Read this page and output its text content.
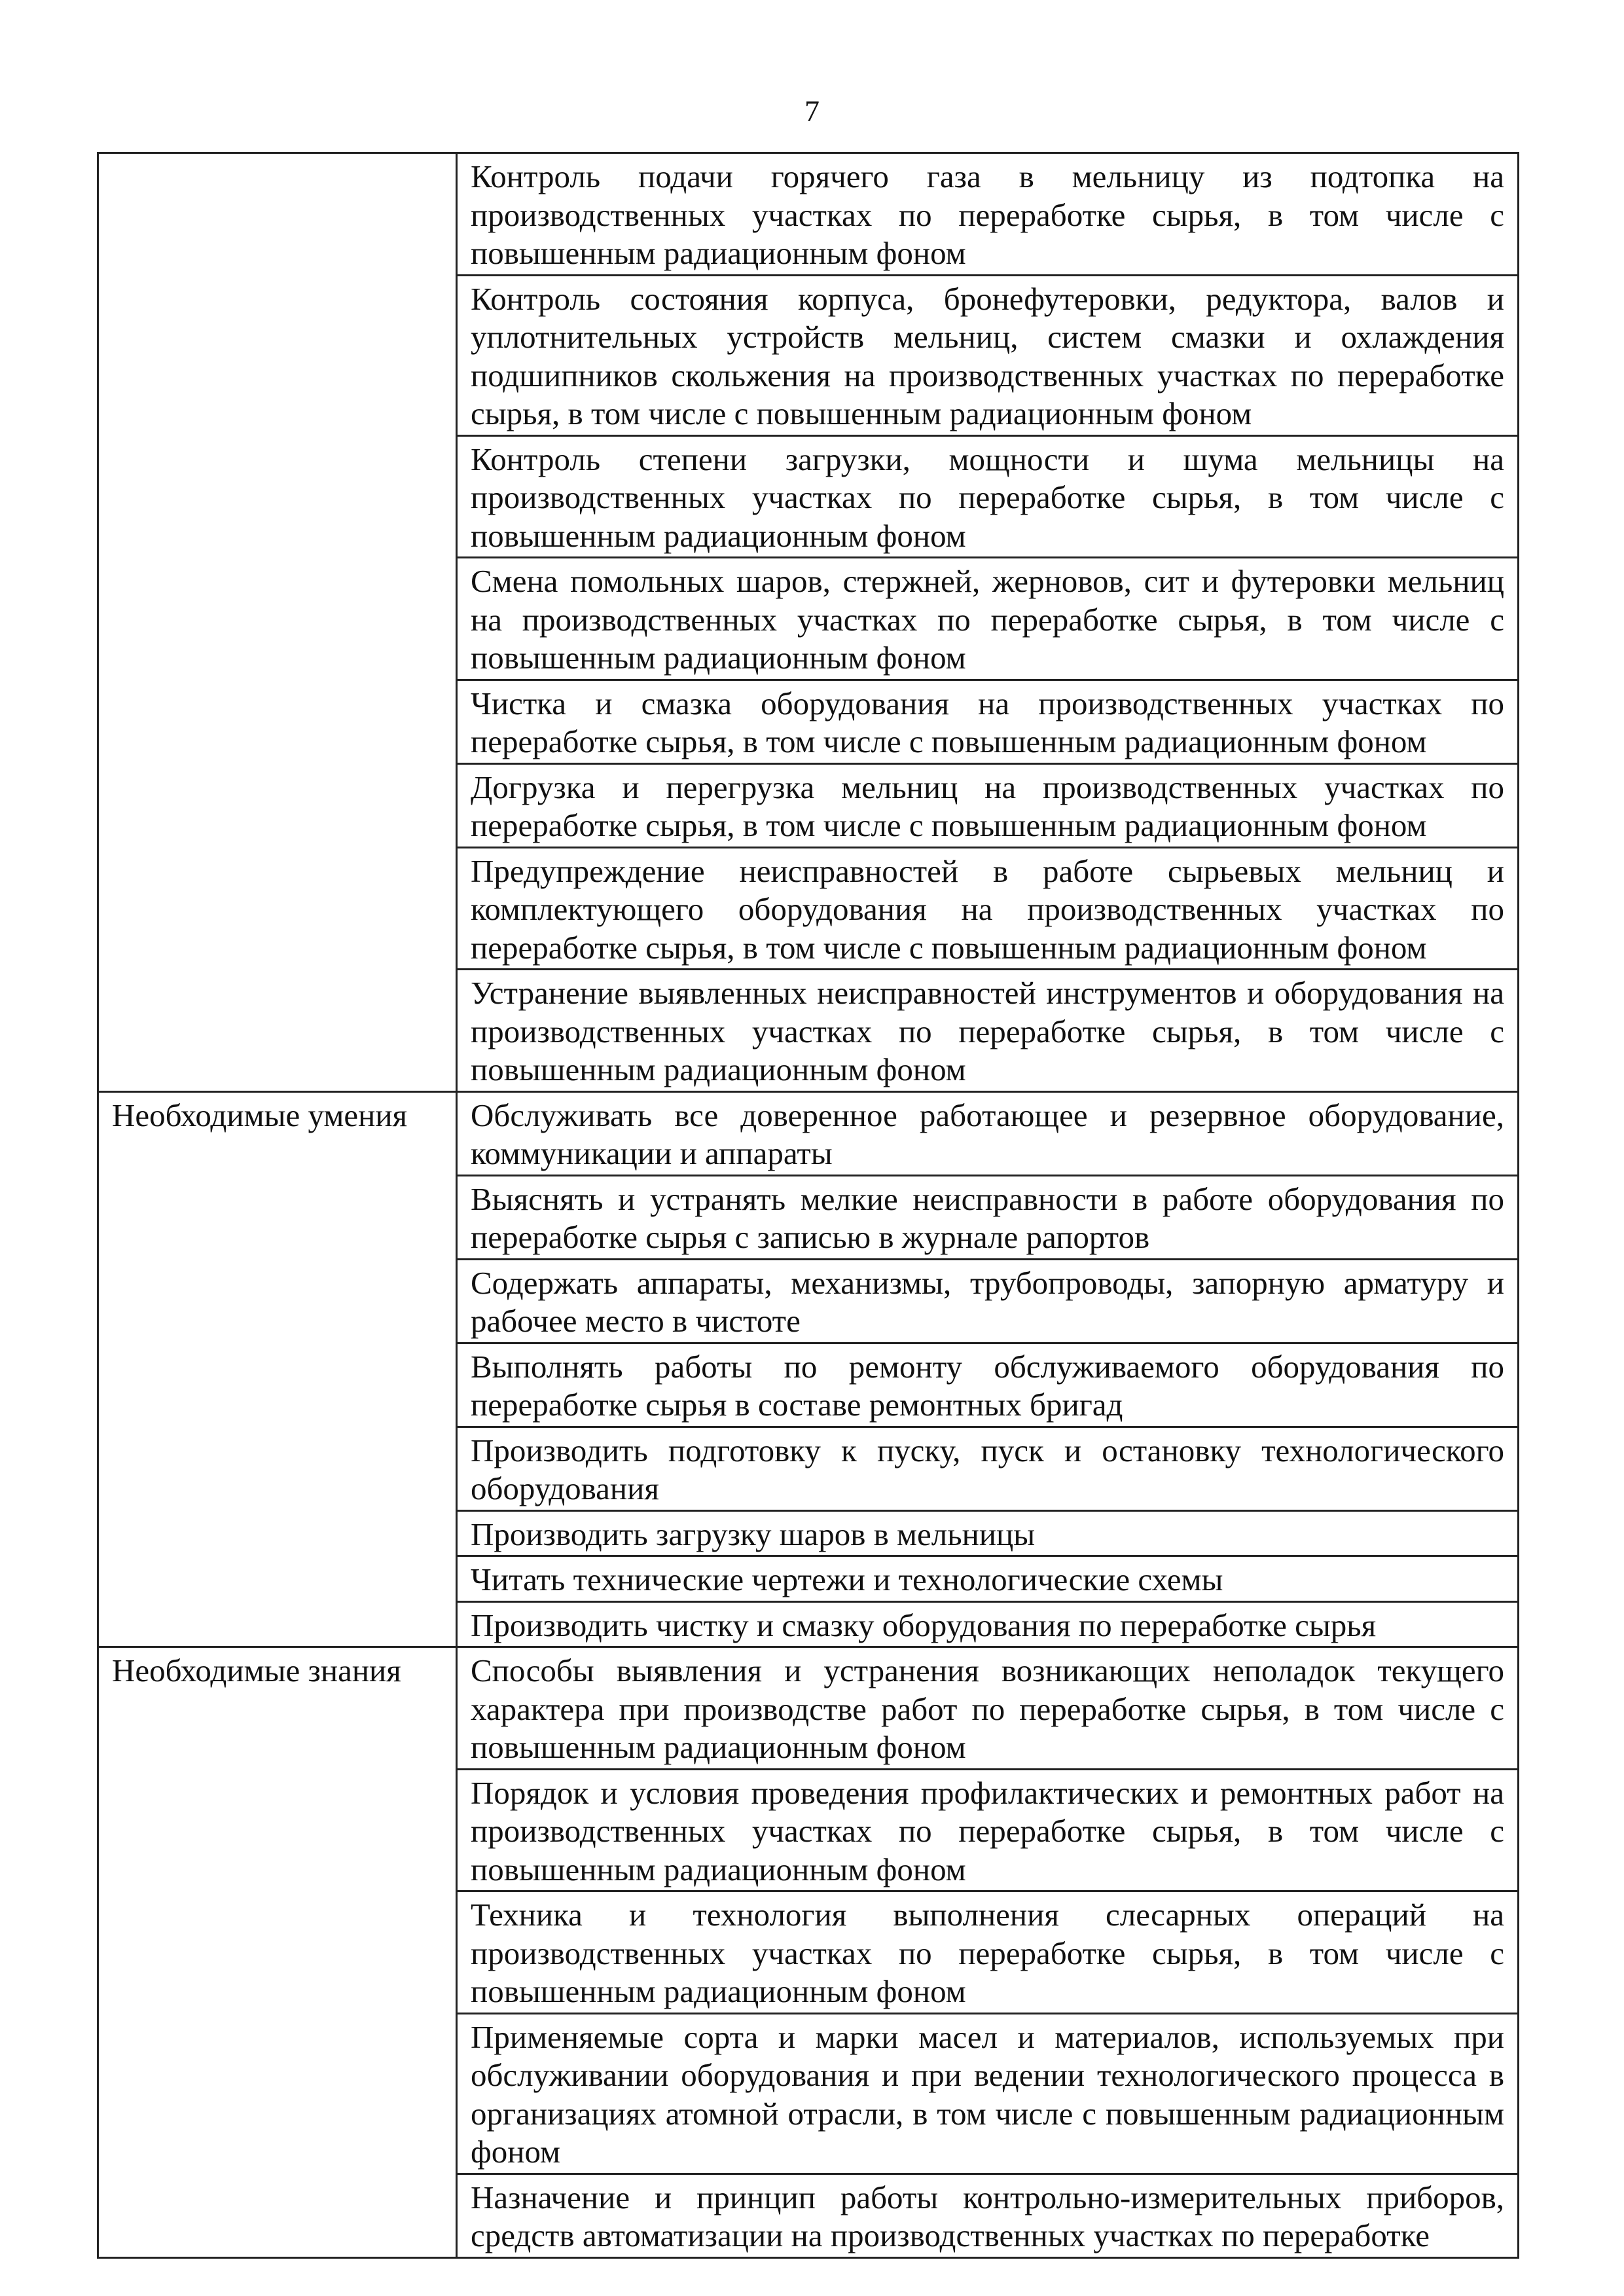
7
	Контроль подачи горячего газа в мельницу из подтопка на производственных участках по переработке сырья, в том числе с повышенным радиационным фоном
	Контроль состояния корпуса, бронефутеровки, редуктора, валов и уплотнительных устройств мельниц, систем смазки и охлаждения подшипников скольжения на производственных участках по переработке сырья, в том числе с повышенным радиационным фоном
	Контроль степени загрузки, мощности и шума мельницы на производственных участках по переработке сырья, в том числе с повышенным радиационным фоном
	Смена помольных шаров, стержней, жерновов, сит и футеровки мельниц на производственных участках по переработке сырья, в том числе с повышенным радиационным фоном
	Чистка и смазка оборудования на производственных участках по переработке сырья, в том числе с повышенным радиационным фоном
	Догрузка и перегрузка мельниц на производственных участках по переработке сырья, в том числе с повышенным радиационным фоном
	Предупреждение неисправностей в работе сырьевых мельниц и комплектующего оборудования на производственных участках по переработке сырья, в том числе с повышенным радиационным фоном
	Устранение выявленных неисправностей инструментов и оборудования на производственных участках по переработке сырья, в том числе с повышенным радиационным фоном
Необходимые умения	Обслуживать все доверенное работающее и резервное оборудование, коммуникации и аппараты
	Выяснять и устранять мелкие неисправности в работе оборудования по переработке сырья с записью в журнале рапортов
	Содержать аппараты, механизмы, трубопроводы, запорную арматуру и рабочее место в чистоте
	Выполнять работы по ремонту обслуживаемого оборудования по переработке сырья в составе ремонтных бригад
	Производить подготовку к пуску, пуск и остановку технологического оборудования
	Производить загрузку шаров в мельницы
	Читать технические чертежи и технологические схемы
	Производить чистку и смазку оборудования по переработке сырья
Необходимые знания	Способы выявления и устранения возникающих неполадок текущего характера при производстве работ по переработке сырья, в том числе с повышенным радиационным фоном
	Порядок и условия проведения профилактических и ремонтных работ на производственных участках по переработке сырья, в том числе с повышенным радиационным фоном
	Техника и технология выполнения слесарных операций на производственных участках по переработке сырья, в том числе с повышенным радиационным фоном
	Применяемые сорта и марки масел и материалов, используемых при обслуживании оборудования и при ведении технологического процесса в организациях атомной отрасли, в том числе с повышенным радиационным фоном
	Назначение и принцип работы контрольно-измерительных приборов, средств автоматизации на производственных участках по переработке
